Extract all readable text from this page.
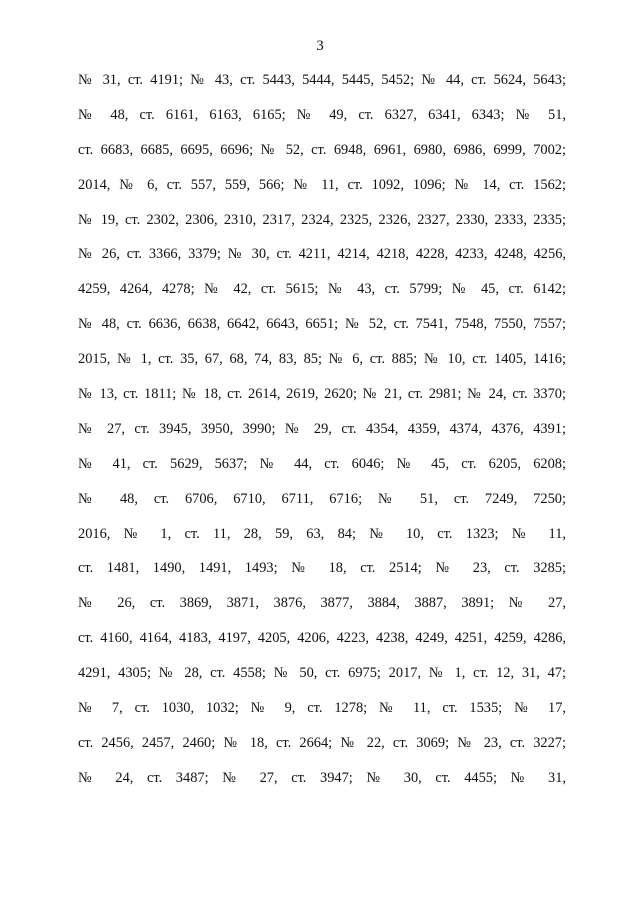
3
№ 31, ст. 4191; № 43, ст. 5443, 5444, 5445, 5452; № 44, ст. 5624, 5643;
№ 48, ст. 6161, 6163, 6165; № 49, ст. 6327, 6341, 6343; № 51,
ст. 6683, 6685, 6695, 6696; № 52, ст. 6948, 6961, 6980, 6986, 6999, 7002;
2014, № 6, ст. 557, 559, 566; № 11, ст. 1092, 1096; № 14, ст. 1562;
№ 19, ст. 2302, 2306, 2310, 2317, 2324, 2325, 2326, 2327, 2330, 2333, 2335;
№ 26, ст. 3366, 3379; № 30, ст. 4211, 4214, 4218, 4228, 4233, 4248, 4256,
4259, 4264, 4278; № 42, ст. 5615; № 43, ст. 5799; № 45, ст. 6142;
№ 48, ст. 6636, 6638, 6642, 6643, 6651; № 52, ст. 7541, 7548, 7550, 7557;
2015, № 1, ст. 35, 67, 68, 74, 83, 85; № 6, ст. 885; № 10, ст. 1405, 1416;
№ 13, ст. 1811; № 18, ст. 2614, 2619, 2620; № 21, ст. 2981; № 24, ст. 3370;
№ 27, ст. 3945, 3950, 3990; № 29, ст. 4354, 4359, 4374, 4376, 4391;
№ 41, ст. 5629, 5637; № 44, ст. 6046; № 45, ст. 6205, 6208;
№ 48, ст. 6706, 6710, 6711, 6716; № 51, ст. 7249, 7250;
2016, № 1, ст. 11, 28, 59, 63, 84; № 10, ст. 1323; № 11,
ст. 1481, 1490, 1491, 1493; № 18, ст. 2514; № 23, ст. 3285;
№ 26, ст. 3869, 3871, 3876, 3877, 3884, 3887, 3891; № 27,
ст. 4160, 4164, 4183, 4197, 4205, 4206, 4223, 4238, 4249, 4251, 4259, 4286,
4291, 4305; № 28, ст. 4558; № 50, ст. 6975; 2017, № 1, ст. 12, 31, 47;
№ 7, ст. 1030, 1032; № 9, ст. 1278; № 11, ст. 1535; № 17,
ст. 2456, 2457, 2460; № 18, ст. 2664; № 22, ст. 3069; № 23, ст. 3227;
№ 24, ст. 3487; № 27, ст. 3947; № 30, ст. 4455; № 31,
